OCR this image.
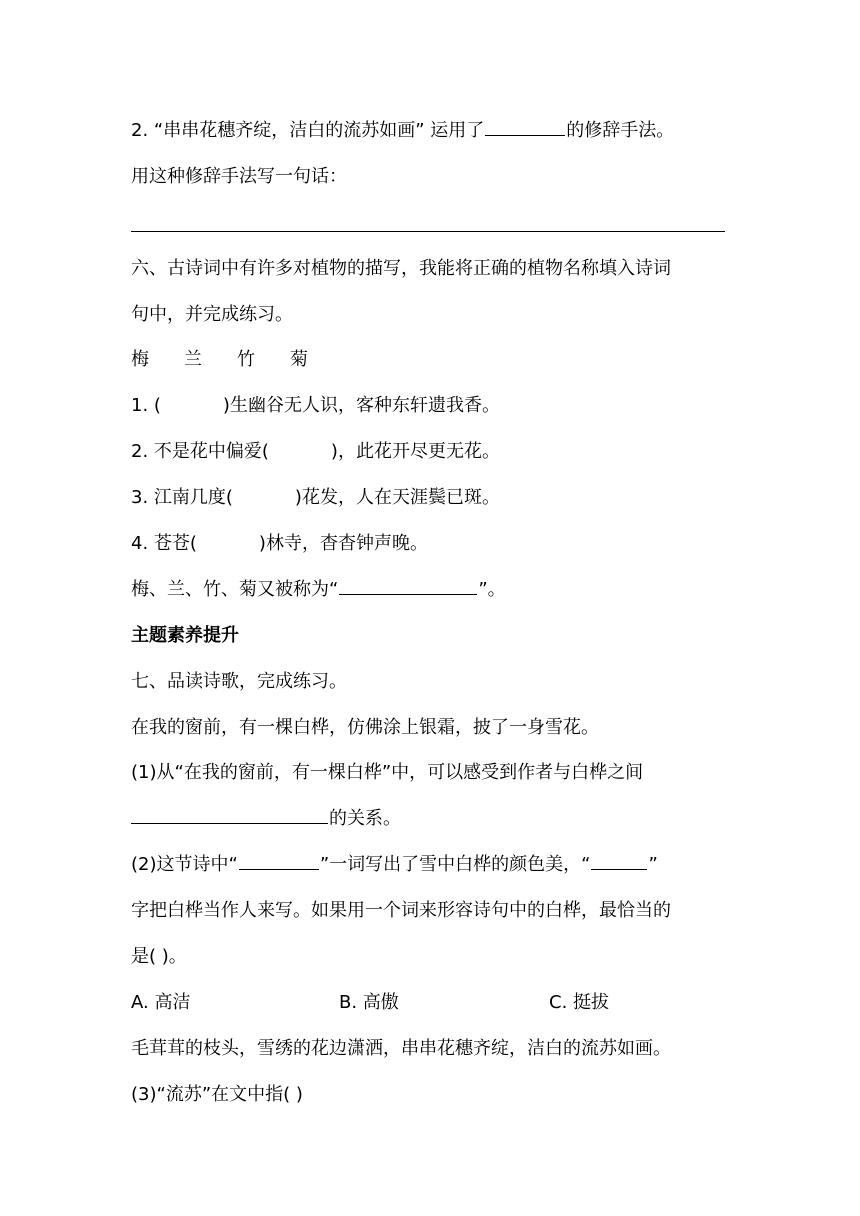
2. “串串花穗齐绽，洁白的流苏如画” 运用了	的修辞手法。
用这种修辞手法写一句话：
六、古诗词中有许多对植物的描写，我能将正确的植物名称填入诗词
句中，并完成练习。
梅 兰 竹 菊
1. (	)生幽谷无人识，客种东轩遗我香。
2. 不是花中偏爱(	)，此花开尽更无花。
3. 江南几度(	)花发，人在天涯鬓已斑。
4. 苍苍(	)林寺，杳杳钟声晚。
梅、兰、竹、菊又被称为“	”。
主题素养提升
七、品读诗歌，完成练习。
在我的窗前，有一棵白桦，仿佛涂上银霜，披了一身雪花。
(1)从“在我的窗前，有一棵白桦”中，可以感受到作者与白桦之间
的关系。
(2)这节诗中“	”一词写出了雪中白桦的颜色美，“	”
字把白桦当作人来写。如果用一个词来形容诗句中的白桦，最恰当的
是( )。
A. 高洁	B. 高傲	C. 挺拔
毛茸茸的枝头，雪绣的花边潇洒，串串花穗齐绽，洁白的流苏如画。
(3)“流苏”在文中指( )
